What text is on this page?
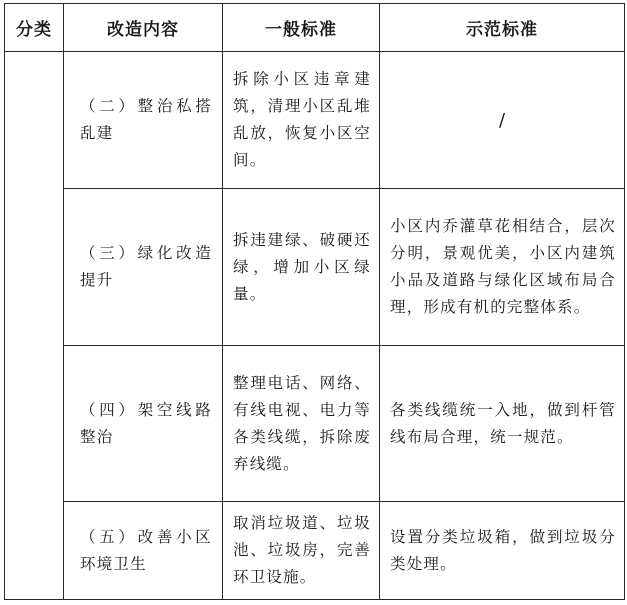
分类	改造内容	一般标准	示范标准

	（二）整治私搭乱建	拆除小区违章建筑，清理小区乱堆乱放，恢复小区空间。	/

	（三）绿化改造提升	拆违建绿、破硬还绿，增加小区绿量。	小区内乔灌草花相结合，层次分明，景观优美，小区内建筑小品及道路与绿化区域布局合理，形成有机的完整体系。

	（四）架空线路整治	整理电话、网络、有线电视、电力等各类线缆，拆除废弃线缆。	各类线缆统一入地，做到杆管线布局合理，统一规范。

	（五）改善小区环境卫生	取消垃圾道、垃圾池、垃圾房，完善环卫设施。	设置分类垃圾箱，做到垃圾分类处理。
